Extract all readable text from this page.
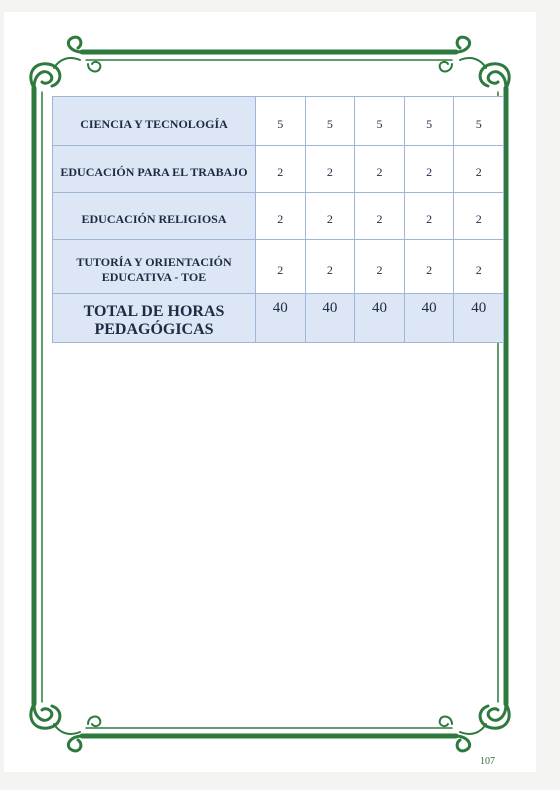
CIENCIA Y TECNOLOGÍA	5	5	5	5	5
EDUCACIÓN PARA EL TRABAJO	2	2	2	2	2
EDUCACIÓN RELIGIOSA	2	2	2	2	2
TUTORÍA Y ORIENTACIÓN EDUCATIVA - TOE	2	2	2	2	2
TOTAL DE HORAS PEDAGÓGICAS	40	40	40	40	40
107
